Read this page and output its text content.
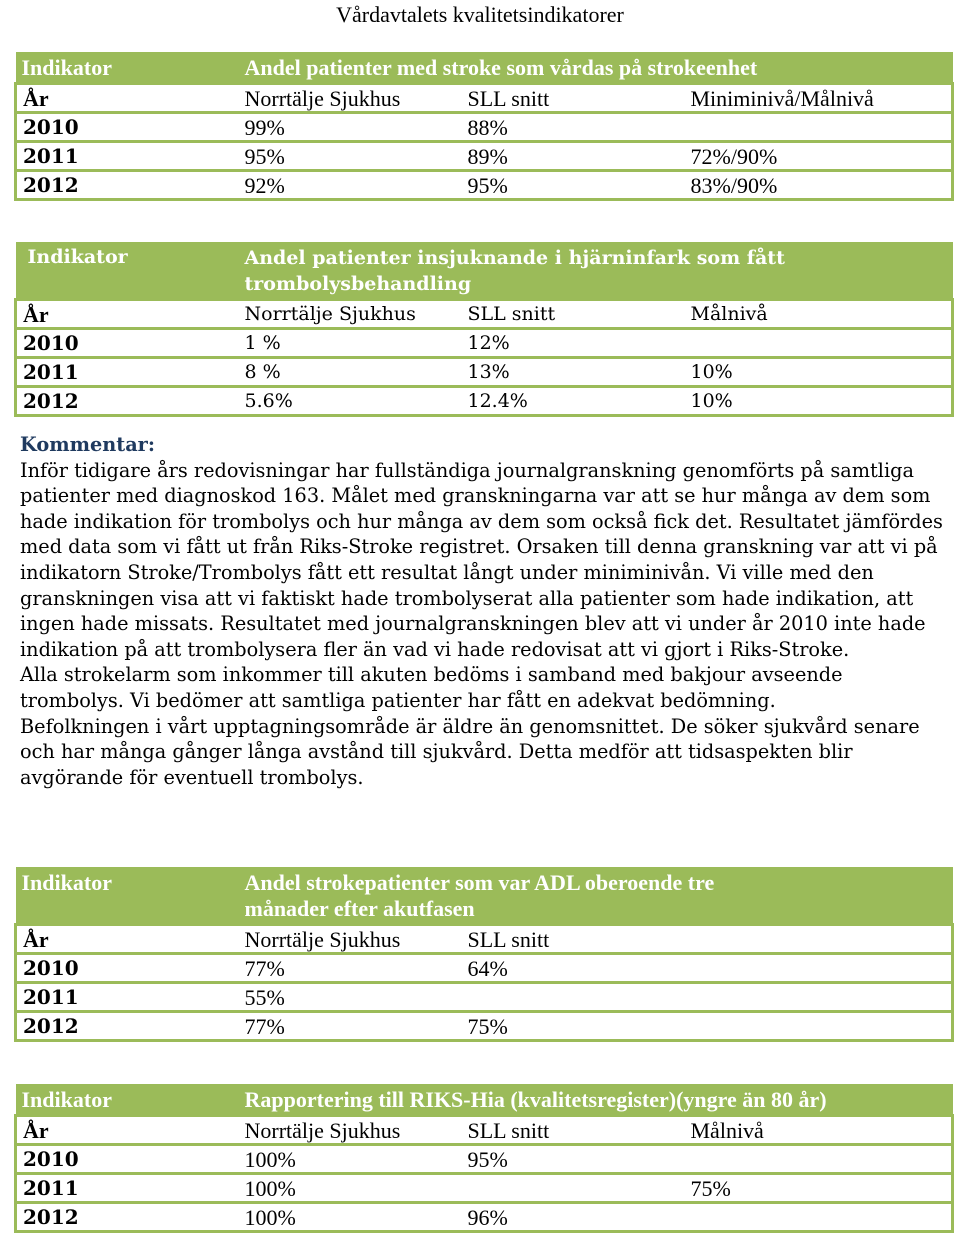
Vårdavtalets kvalitetsindikatorer
Indikator	Andel patienter med stroke som vårdas på strokeenhet		
År	Norrtälje Sjukhus	SLL snitt	Miniminivå/Målnivå
2010	99%	88%	
2011	95%	89%	72%/90%
2012	92%	95%	83%/90%
Indikator	Andel patienter insjuknande i hjärninfark som fått trombolysbehandling		
År	Norrtälje Sjukhus	SLL snitt	Målnivå
2010	1 %	12%	
2011	8 %	13%	10%
2012	5.6%	12.4%	10%

Kommentar:

Inför tidigare års redovisningar har fullständiga journalgranskning genomförts på samtliga patienter med diagnoskod 163. Målet med granskningarna var att se hur många av dem som hade indikation för trombolys och hur många av dem som också fick det. Resultatet jämfördes med data som vi fått ut från Riks-Stroke registret. Orsaken till denna granskning var att vi på indikatorn Stroke/Trombolys fått ett resultat långt under miniminivån. Vi ville med den granskningen visa att vi faktiskt hade trombolyserat alla patienter som hade indikation, att ingen hade missats. Resultatet med journalgranskningen blev att vi under år 2010 inte hade indikation på att trombolysera fler än vad vi hade redovisat att vi gjort i Riks-Stroke.

Alla strokelarm som inkommer till akuten bedöms i samband med bakjour avseende trombolys. Vi bedömer att samtliga patienter har fått en adekvat bedömning.

Befolkningen i vårt upptagningsområde är äldre än genomsnittet. De söker sjukvård senare och har många gånger långa avstånd till sjukvård. Detta medför att tidsaspekten blir avgörande för eventuell trombolys.

Indikator	Andel strokepatienter som var ADL oberoende tre månader efter akutfasen		
År	Norrtälje Sjukhus	SLL snitt	
2010	77%	64%	
2011	55%		
2012	77%	75%	
Indikator	Rapportering till RIKS-Hia (kvalitetsregister)(yngre än 80 år)		
År	Norrtälje Sjukhus	SLL snitt	Målnivå
2010	100%	95%	
2011	100%		75%
2012	100%	96%	
